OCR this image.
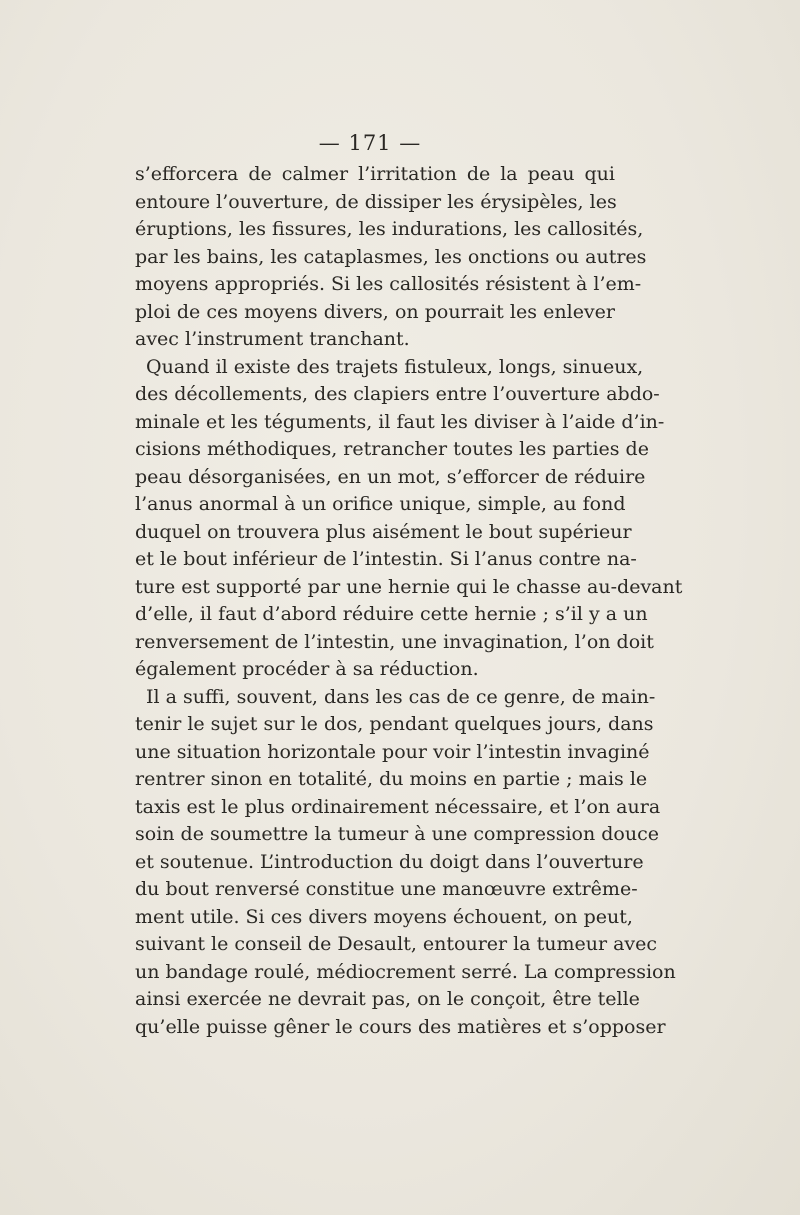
— 171 —
s’efforcera de calmer l’irritation de la peau qui
entoure l’ouverture, de dissiper les érysipèles, les
éruptions, les fissures, les indurations, les callosités,
par les bains, les cataplasmes, les onctions ou autres
moyens appropriés. Si les callosités résistent à l’em-
ploi de ces moyens divers, on pourrait les enlever
avec l’instrument tranchant.
Quand il existe des trajets fistuleux, longs, sinueux,
des décollements, des clapiers entre l’ouverture abdo-
minale et les téguments, il faut les diviser à l’aide d’in-
cisions méthodiques, retrancher toutes les parties de
peau désorganisées, en un mot, s’efforcer de réduire
l’anus anormal à un orifice unique, simple, au fond
duquel on trouvera plus aisément le bout supérieur
et le bout inférieur de l’intestin. Si l’anus contre na-
ture est supporté par une hernie qui le chasse au-devant
d’elle, il faut d’abord réduire cette hernie ; s’il y a un
renversement de l’intestin, une invagination, l’on doit
également procéder à sa réduction.
Il a suffi, souvent, dans les cas de ce genre, de main-
tenir le sujet sur le dos, pendant quelques jours, dans
une situation horizontale pour voir l’intestin invaginé
rentrer sinon en totalité, du moins en partie ; mais le
taxis est le plus ordinairement nécessaire, et l’on aura
soin de soumettre la tumeur à une compression douce
et soutenue. L’introduction du doigt dans l’ouverture
du bout renversé constitue une manœuvre extrême-
ment utile. Si ces divers moyens échouent, on peut,
suivant le conseil de Desault, entourer la tumeur avec
un bandage roulé, médiocrement serré. La compression
ainsi exercée ne devrait pas, on le conçoit, être telle
qu’elle puisse gêner le cours des matières et s’opposer
